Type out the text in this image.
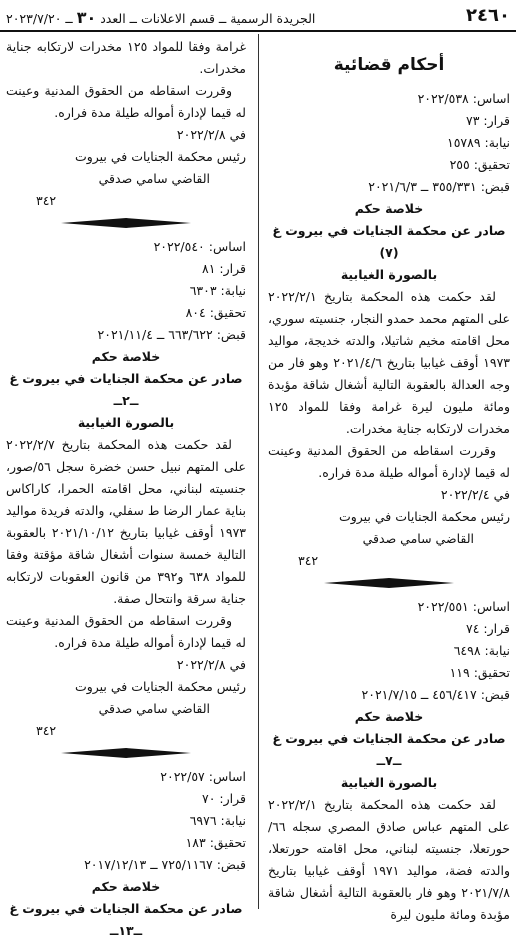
٢٤٦٠
الجريدة الرسمية ــ قسم الاعلانات ــ العدد ٣٠ ــ ٢٠٢٣/٧/٢٠
أحكام قضائية

اساس: ٢٠٢٢/٥٣٨

قرار: ٧٣

نيابة: ١٥٧٨٩

تحقيق: ٢٥٥

قبض: ٣٥٥/٣٣١ ــ ٢٠٢١/٦/٣

خلاصة حكم

صادر عن محكمة الجنايات في بيروت غ (٧)

بالصورة الغيابية

لقد حكمت هذه المحكمة بتاريخ ٢٠٢٢/٢/١ على المتهم محمد حمدو النجار، جنسيته سوري، محل اقامته مخيم شاتيلا، والدته خديجة، مواليد ١٩٧٣ أوقف غيابيا بتاريخ ٢٠٢١/٤/٦ وهو فار من وجه العدالة بالعقوبة التالية أشغال شاقة مؤبدة ومائة مليون ليرة غرامة وفقا للمواد ١٢٥ مخدرات لارتكابه جناية مخدرات.

وقررت اسقاطه من الحقوق المدنية وعينت له قيما لإدارة أمواله طيلة مدة فراره.

في ٢٠٢٢/٢/٤

رئيس محكمة الجنايات في بيروت

القاضي سامي صدقي

٣٤٢

اساس: ٢٠٢٢/٥٥١

قرار: ٧٤

نيابة: ٦٤٩٨

تحقيق: ١١٩

قبض: ٤٥٦/٤١٧ ــ ٢٠٢١/٧/١٥

خلاصة حكم

صادر عن محكمة الجنايات في بيروت غ ــ٧ــ

بالصورة الغيابية

لقد حكمت هذه المحكمة بتاريخ ٢٠٢٢/٢/١ على المتهم عباس صادق المصري سجله ٦٦/حورتعلا، جنسيته لبناني، محل اقامته حورتعلا، والدته فضة، مواليد ١٩٧١ أوقف غيابيا بتاريخ ٢٠٢١/٧/٨ وهو فار بالعقوبة التالية أشغال شاقة مؤبدة ومائة مليون ليرة

غرامة وفقا للمواد ١٢٥ مخدرات لارتكابه جناية مخدرات.

وقررت اسقاطه من الحقوق المدنية وعينت له قيما لإدارة أمواله طيلة مدة فراره.

في ٢٠٢٢/٢/٨

رئيس محكمة الجنايات في بيروت

القاضي سامي صدقي

٣٤٢

اساس: ٢٠٢٢/٥٤٠

قرار: ٨١

نيابة: ٦٣٠٣

تحقيق: ٨٠٤

قبض: ٦٦٣/٦٢٢ ــ ٢٠٢١/١١/٤

خلاصة حكم

صادر عن محكمة الجنايات في بيروت غ ــ٢ــ

بالصورة الغيابية

لقد حكمت هذه المحكمة بتاريخ ٢٠٢٢/٢/٧ على المتهم نبيل حسن خضرة سجل ٥٦/صور، جنسيته لبناني، محل اقامته الحمرا، كاراكاس بناية عمار الرضا ط سفلي، والدته فريدة مواليد ١٩٧٣ أوقف غيابيا بتاريخ ٢٠٢١/١٠/١٢ بالعقوبة التالية خمسة سنوات أشغال شاقة مؤقتة وفقا للمواد ٦٣٨ و٣٩٢ من قانون العقوبات لارتكابه جناية سرقة وانتحال صفة.

وقررت اسقاطه من الحقوق المدنية وعينت له قيما لإدارة أمواله طيلة مدة فراره.

في ٢٠٢٢/٢/٨

رئيس محكمة الجنايات في بيروت

القاضي سامي صدقي

٣٤٢

اساس: ٢٠٢٢/٥٧

قرار: ٧٠

نيابة: ٦٩٧٦

تحقيق: ١٨٣

قبض: ٧٢٥/١١٦٧ ــ ٢٠١٧/١٢/١٣

خلاصة حكم

صادر عن محكمة الجنايات في بيروت غ ــ١٣ــ
